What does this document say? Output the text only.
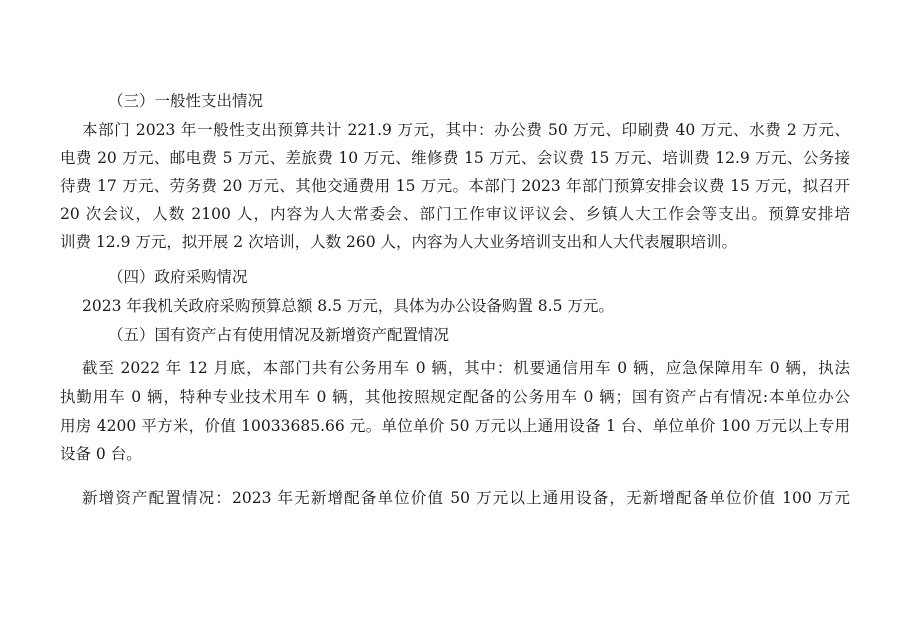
（三）一般性支出情况
本部门 2023 年一般性支出预算共计 221.9 万元，其中：办公费 50 万元、印刷费 40 万元、水费 2 万元、
电费 20 万元、邮电费 5 万元、差旅费 10 万元、维修费 15 万元、会议费 15 万元、培训费 12.9 万元、公务接
待费 17 万元、劳务费 20 万元、其他交通费用 15 万元。本部门 2023 年部门预算安排会议费 15 万元，拟召开
20 次会议，人数 2100 人，内容为人大常委会、部门工作审议评议会、乡镇人大工作会等支出。预算安排培
训费 12.9 万元，拟开展 2 次培训，人数 260 人，内容为人大业务培训支出和人大代表履职培训。
（四）政府采购情况
2023 年我机关政府采购预算总额 8.5 万元，具体为办公设备购置 8.5 万元。
（五）国有资产占有使用情况及新增资产配置情况
截至 2022 年 12 月底，本部门共有公务用车 0 辆，其中：机要通信用车 0 辆，应急保障用车 0 辆，执法
执勤用车 0 辆，特种专业技术用车 0 辆，其他按照规定配备的公务用车 0 辆；国有资产占有情况:本单位办公
用房 4200 平方米，价值 10033685.66 元。单位单价 50 万元以上通用设备 1 台、单位单价 100 万元以上专用
设备 0 台。
新增资产配置情况：2023 年无新增配备单位价值 50 万元以上通用设备，无新增配备单位价值 100 万元
